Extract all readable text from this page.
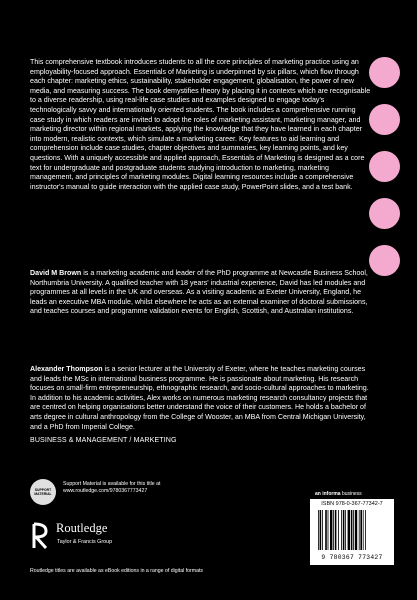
This comprehensive textbook introduces students to all the core principles of marketing practice using an employability-focused approach. Essentials of Marketing is underpinned by six pillars, which flow through each chapter: marketing ethics, sustainability, stakeholder engagement, globalisation, the power of new media, and measuring success. The book demystifies theory by placing it in contexts which are recognisable to a diverse readership, using real-life case studies and examples designed to engage today's technologically savvy and internationally oriented students. The book includes a comprehensive running case study in which readers are invited to adopt the roles of marketing assistant, marketing manager, and marketing director within regional markets, applying the knowledge that they have learned in each chapter into modern, realistic contexts, which simulate a marketing career. Key features to aid learning and comprehension include case studies, chapter objectives and summaries, key learning points, and key questions. With a uniquely accessible and applied approach, Essentials of Marketing is designed as a core text for undergraduate and postgraduate students studying introduction to marketing, marketing management, and principles of marketing modules. Digital learning resources include a comprehensive instructor's manual to guide interaction with the applied case study, PowerPoint slides, and a test bank.

David M Brown is a marketing academic and leader of the PhD programme at Newcastle Business School, Northumbria University. A qualified teacher with 18 years' industrial experience, David has led modules and programmes at all levels in the UK and overseas. As a visiting academic at Exeter University, England, he leads an executive MBA module, whilst elsewhere he acts as an external examiner of doctoral submissions, and teaches courses and programme validation events for English, Scottish, and Australian institutions.

Alexander Thompson is a senior lecturer at the University of Exeter, where he teaches marketing courses and leads the MSc in international business programme. He is passionate about marketing. His research focuses on small-firm entrepreneurship, ethnographic research, and socio-cultural approaches to marketing. In addition to his academic activities, Alex works on numerous marketing research consultancy projects that are centred on helping organisations better understand the voice of their customers. He holds a bachelor of arts degree in cultural anthropology from the College of Wooster, an MBA from Central Michigan University, and a PhD from Imperial College.

BUSINESS & MANAGEMENT / MARKETING
SUPPORT
MATERIAL
Support Material is available for this title at
www.routledge.com/9780367773427
Routledge
Taylor & Francis Group
an informa business
ISBN 978-0-367-77342-7
9 780367 773427
Routledge titles are available as eBook editions in a range of digital formats
